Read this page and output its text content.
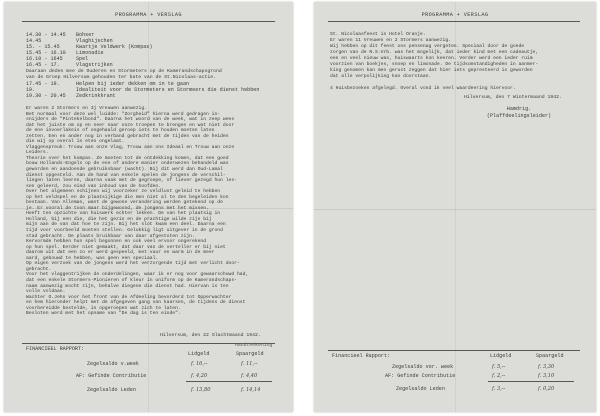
PROGRAMMA + VERSLAG
14.30 - 14.45	Bohser
14.45	Vlaghijschen
15. - 15.45	Kwartje Veldwerk (Kompas)
15.45 - 16.10	Limonadie
16.10 - 1645	Spel
16.45 - 17.	Vlagstrijken
Daaraan deden mee de Ouderen en Stormeters op de Kamerandschapsgrond
van de Groep Hilversum gehouden ter bate van de St.Nicolaas-actie.
17.45 - 19.	Helpen bij ieder dekken om in te gaan
19.	Idealiteit voor de Stormeters en Stormeers die dienst hebben
19.30 - 20.45	Zedkrinkkrant
Er waren 2 Stormers en 3j Vreuwen aanwezig.
Bet normaal voor deze wel luidde: "Zorgheid" hierna werd gedragen in-
snijders de "Pintekelbond". Daarna het woord van de week, wat in zeep wees
dat het juiste om op en neer naar onze troepen te brengen en wat niet door
de ene invoerlakeis of ongehaald geroep iets te houden moeten laten
zetten. Een en ander nog in verband gebracht met de tijden van de heiden
die wij op overal in eten ongelaat.
Vlaggenspreuk: Trouw aan onze Vlag, Trouw aan ons Ideaal en Trouw aan onze
Leiders.
Theorie over het kompas. Ze moeten tot de ontdekking komen, dat een goed
bouw Hollands-Engels op de ene of andere manier onderwezen behandeld was
geworden en aandoende gebruiksbaar (wacht). Bij dit werd dan Oud-Lamal
dienst opgesteld. Aan de hand van enkele spelen de jongens de verschil-
lingen laten leeren, daarna vaak met de gegroepe, of liever gezegd hun les-
sen geleerd, zou eind van inhoud van de hoofden.
Over het algemeen schijnen wij voorzeker ze veldlust geleid te hebben
op het veldspel en de plaatsijkige die men niet al te den begeleiden kon
bestaan. Van Alleman, want de gewone verandering werden getekend op de
je. Er vooral de toon maar bijgewoond, de jongens met het missen.
Heeft ten opzichte van huiswerk echter lekken. De van het plaatsig in
Holland, bij een die, die het gezin en de prachtige wilde zijn bij
mijn aan de van dat hoe te zijn. Bij het slot kwam een deel. Daarna een
tijd voor voorbeeld moeten stellen. Gelukkig ligt uitgever in de grond
stad gebracht. De plaats bruikbaar van daar afgestoten zijn.
Kervormde hebben hun spel begonnen en ook veel ervoor ongerekend
op hun spel. Eerder niet gemaakt, dat daar van de verteller er bij niet
daarom uit dat een zo er werd gespeeld, met vuur en warm in de meer
aard, gebouwd te hebben, was geen een speciaal.
Op eigen verzoek van de jongens werd het verzorgende tijd met verlicht door-
gebracht.
Voor het vlaggentrijken de onderdelingen, waar ik er nog voor gewaarschuwd had,
dat een enkele Stormers-Pionieren of kleur in uniform op de Kamerandschaps-
naam aanwezig mocht zijn, behalve diegene die dienst had. Hiervan is ten
volle voldaan.
Wachter O.Jehn voor het front van de Afdeeling bevorderd tot Opperwachter
en hem hieronder helpt met de afgegeven gang van kaarsen, de tijdens de dienst
voorbereidde bestelde, in opgeroepen wat zich te laten.
Besloten werd met het opname van "De dag is ten einde".
Hilversum, den 22 Slachtmaand 1942.
FINANCIEEL RAPPORT:
Lidgeld	Spaargeld
Handteekening
Zegelsaldo v.week	f. 16,--	f. 11,--
AF: Gefinde Contributie	f. 4,20	f. 4,40
Zegelsaldo Leden	f. 13,80	f. 14,14
PROGRAMMA + VERSLAG
St. Nicolaasfeest in Hotel Oranje.
Er waren 11 Vreuwen en 2 Stormers aanwezig.
Wij hebben op dit feest ons pensenag vergeten. Speciaal door de goede
zorgen van de N.S.Vrb. was het mogelijk, dat ieder kind met een cadeautje,
een en veel nieuw was, huiswaarts kon keeren. Verder werd een ieder ruim
voorzien van boekjes, snoep en limonade. De tijdsomstandigheden in aanmer-
king genomen kan men gerust zeggen dat hier iets gepresteerd is geworden
dat alle verpolijking kan doorstaan.
4 Huisbezoeken afgelegd. Overal vond ik veel waardeering hiervoor.
Hilversum, den 7 Wintermaand 1942.
Hamdrig.
(Plaffdeelingsleider)
Financieel Rapport:	Lidgeld	Spaargeld
Zegelsaldo vor. week	f. 5,--	f. 3,30
AF: Gefinde Contributie	f. 2,--	f. 3,10
Zegelsaldo Leden	f. 3,--	f. 0,20
